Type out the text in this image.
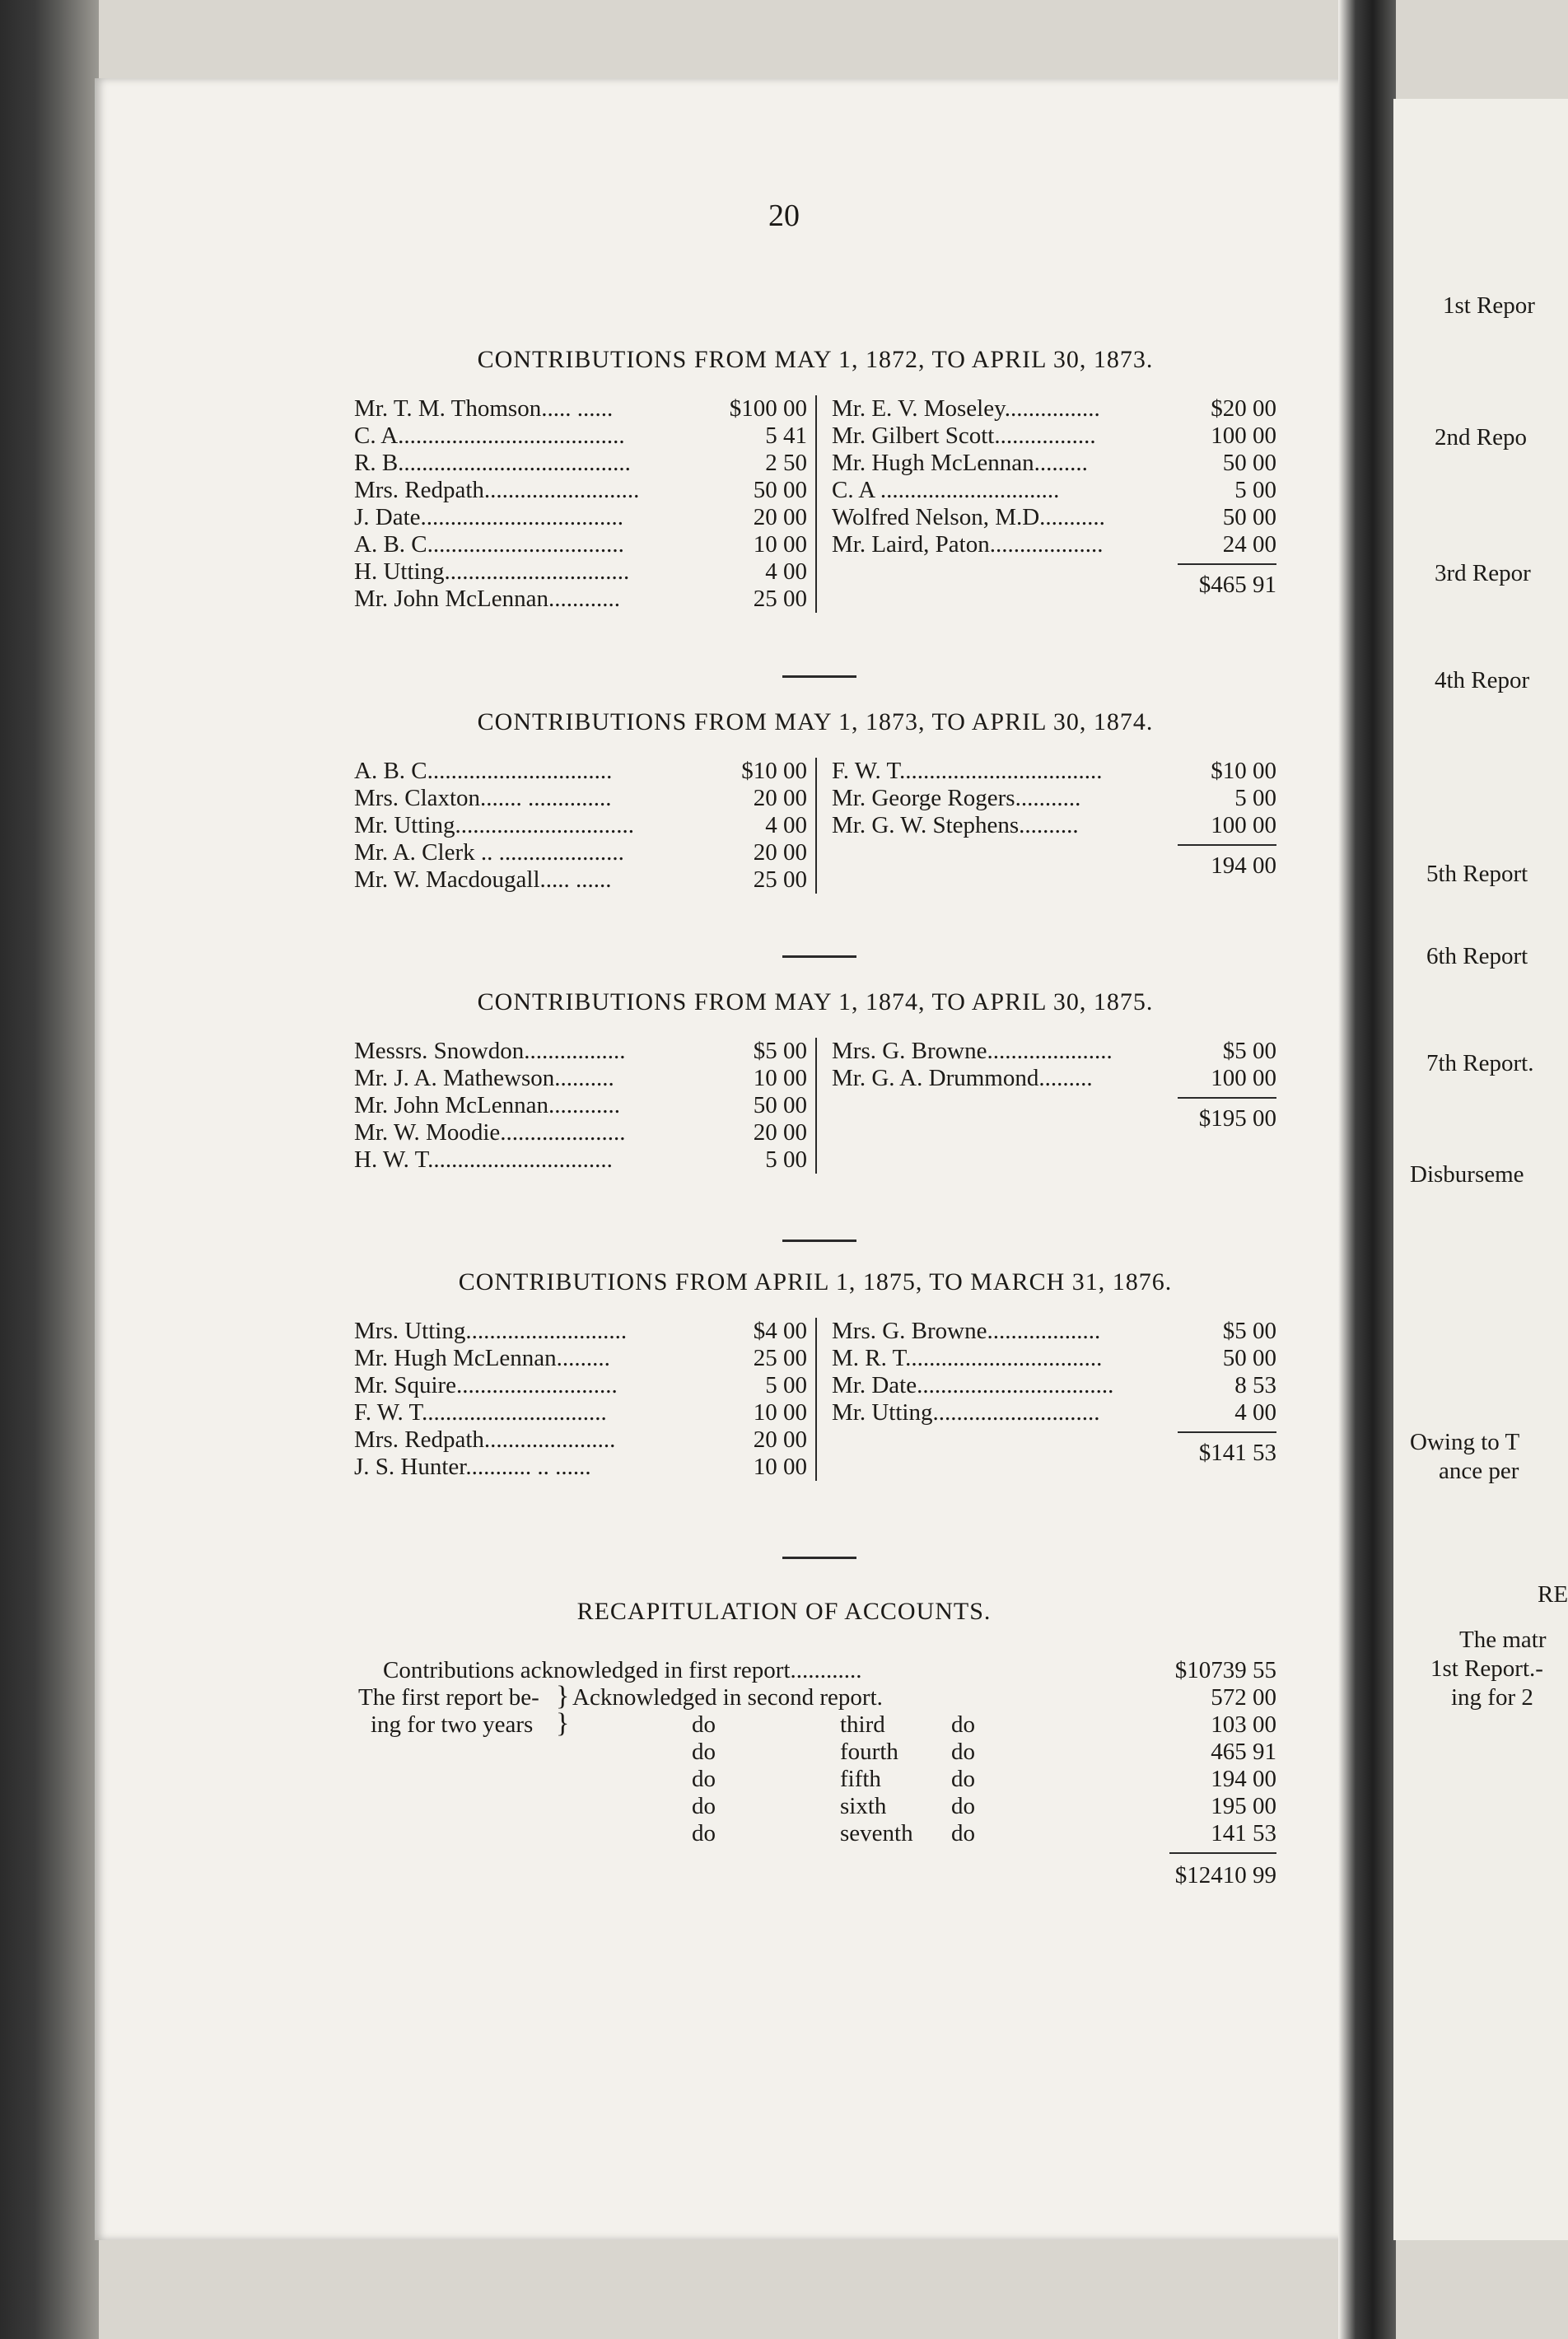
1st Repor
2nd Repo
3rd Repor
4th Repor
5th Report
6th Report
7th Report.
Disburseme
Owing to T
ance per
RE
The matr
1st Report.-
ing for 2
20
CONTRIBUTIONS FROM MAY 1, 1872, TO APRIL 30, 1873.
Mr. T. M. Thomson..... ......	$100 00
C. A......................................	5 41
R. B.......................................	2 50
Mrs. Redpath..........................	50 00
J. Date..................................	20 00
A. B. C.................................	10 00
H. Utting...............................	4 00
Mr. John McLennan............	25 00
Mr. E. V. Moseley................	$20 00
Mr. Gilbert Scott.................	100 00
Mr. Hugh McLennan.........	50 00
C. A ..............................	5 00
Wolfred Nelson, M.D...........	50 00
Mr. Laird, Paton...................	24 00
$465 91
CONTRIBUTIONS FROM MAY 1, 1873, TO APRIL 30, 1874.
A. B. C...............................	$10 00
Mrs. Claxton....... ..............	20 00
Mr. Utting..............................	4 00
Mr. A. Clerk .. .....................	20 00
Mr. W. Macdougall..... ......	25 00
F. W. T..................................	$10 00
Mr. George Rogers...........	5 00
Mr. G. W. Stephens..........	100 00
194 00
CONTRIBUTIONS FROM MAY 1, 1874, TO APRIL 30, 1875.
Messrs. Snowdon.................	$5 00
Mr. J. A. Mathewson..........	10 00
Mr. John McLennan............	50 00
Mr. W. Moodie.....................	20 00
H. W. T...............................	5 00
Mrs. G. Browne.....................	$5 00
Mr. G. A. Drummond.........	100 00
$195 00
CONTRIBUTIONS FROM APRIL 1, 1875, TO MARCH 31, 1876.
Mrs. Utting...........................	$4 00
Mr. Hugh McLennan.........	25 00
Mr. Squire...........................	5 00
F. W. T...............................	10 00
Mrs. Redpath......................	20 00
J. S. Hunter........... .. ......	10 00
Mrs. G. Browne...................	$5 00
M. R. T.................................	50 00
Mr. Date.................................	8 53
Mr. Utting............................	4 00
$141 53
RECAPITULATION OF ACCOUNTS.
Contributions acknowledged in first report............	$10739 55
The first report be- } Acknowledged in second report.	572 00
ing for two years }	do	third	do	103 00
do	fourth do	465 91
do	fifth	do	194 00
do	sixth	do	195 00
do	seventh do	141 53
$12410 99
